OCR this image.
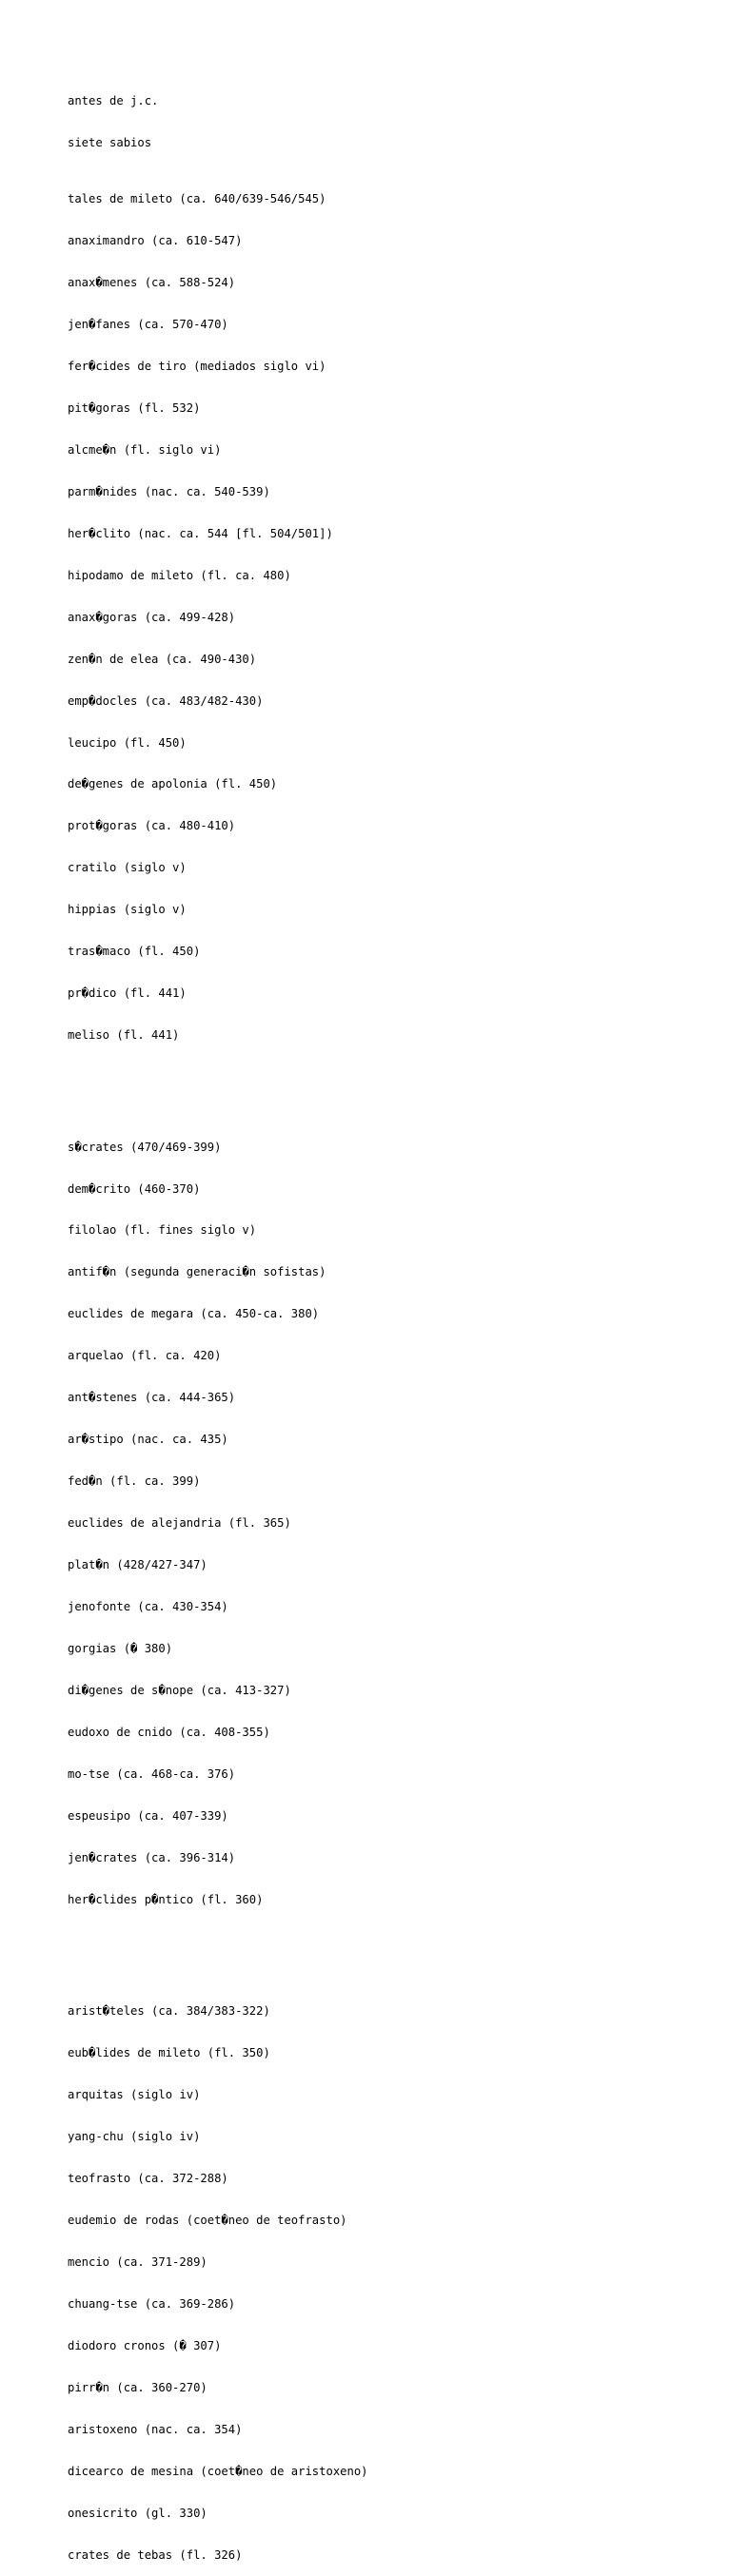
antes de j.c.

siete sabios

tales de mileto (ca. 640/639-546/545)

anaximandro (ca. 610-547)

anax�menes (ca. 588-524)

jen�fanes (ca. 570-470)

fer�cides de tiro (mediados siglo vi)

pit�goras (fl. 532)

alcme�n (fl. siglo vi)

parm�nides (nac. ca. 540-539)

her�clito (nac. ca. 544 [fl. 504/501])

hipodamo de mileto (fl. ca. 480)

anax�goras (ca. 499-428)

zen�n de elea (ca. 490-430)

emp�docles (ca. 483/482-430)

leucipo (fl. 450)

de�genes de apolonia (fl. 450)

prot�goras (ca. 480-410)

cratilo (siglo v)

hippias (siglo v)

tras�maco (fl. 450)

pr�dico (fl. 441)

meliso (fl. 441)

s�crates (470/469-399)

dem�crito (460-370)

filolao (fl. fines siglo v)

antif�n (segunda generaci�n sofistas)

euclides de megara (ca. 450-ca. 380)

arquelao (fl. ca. 420)

ant�stenes (ca. 444-365)

ar�stipo (nac. ca. 435)

fed�n (fl. ca. 399)

euclides de alejandria (fl. 365)

plat�n (428/427-347)

jenofonte (ca. 430-354)

gorgias (� 380)

di�genes de s�nope (ca. 413-327)

eudoxo de cnido (ca. 408-355)

mo-tse (ca. 468-ca. 376)

espeusipo (ca. 407-339)

jen�crates (ca. 396-314)

her�clides p�ntico (fl. 360)

arist�teles (ca. 384/383-322)

eub�lides de mileto (fl. 350)

arquitas (siglo iv)

yang-chu (siglo iv)

teofrasto (ca. 372-288)

eudemio de rodas (coet�neo de teofrasto)

mencio (ca. 371-289)

chuang-tse (ca. 369-286)

diodoro cronos (� 307)

pirr�n (ca. 360-270)

aristoxeno (nac. ca. 354)

dicearco de mesina (coet�neo de aristoxeno)

onesicrito (gl. 330)

crates de tebas (fl. 326)
